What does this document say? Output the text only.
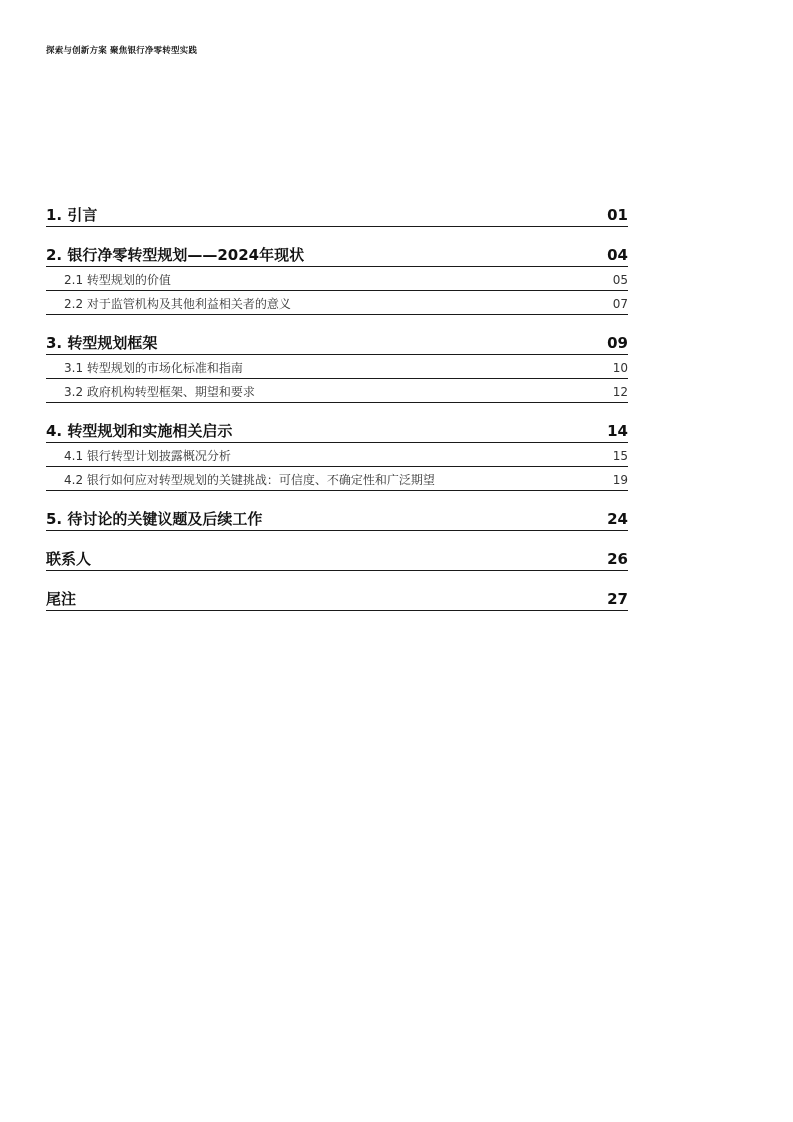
探索与创新方案 聚焦银行净零转型实践
1. 引言	01
2. 银行净零转型规划——2024年现状	04
2.1 转型规划的价值	05
2.2 对于监管机构及其他利益相关者的意义	07
3. 转型规划框架	09
3.1 转型规划的市场化标准和指南	10
3.2 政府机构转型框架、期望和要求	12
4. 转型规划和实施相关启示	14
4.1 银行转型计划披露概况分析	15
4.2 银行如何应对转型规划的关键挑战：可信度、不确定性和广泛期望	19
5. 待讨论的关键议题及后续工作	24
联系人	26
尾注	27
